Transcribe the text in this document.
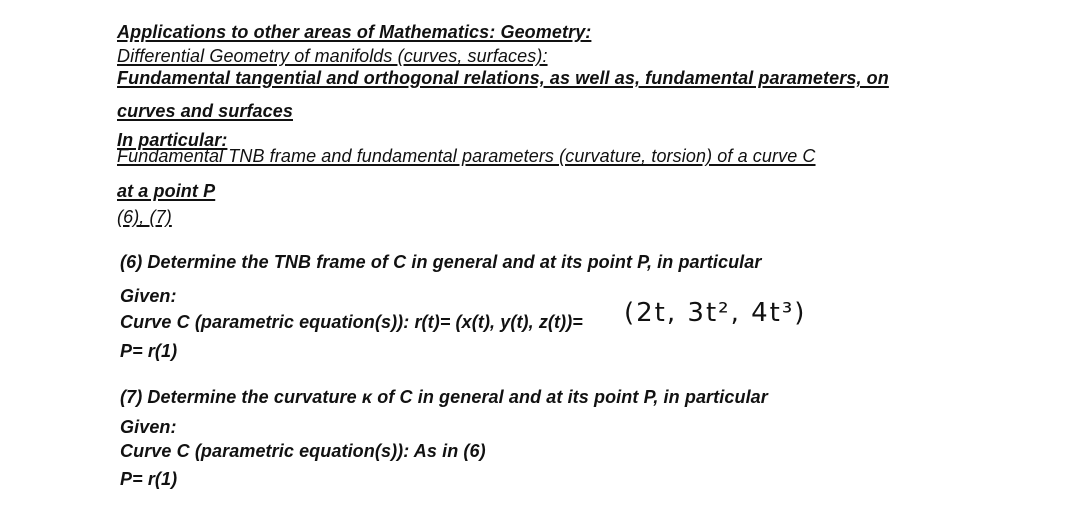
Applications to other areas of Mathematics: Geometry:
Differential Geometry of manifolds (curves, surfaces):
Fundamental tangential and orthogonal relations, as well as, fundamental parameters, on
curves and surfaces
In particular:
Fundamental TNB frame and fundamental parameters (curvature, torsion) of a curve C
at a point P
(6), (7)
(6) Determine the TNB frame of C in general and at its point P, in particular
Given:
Curve C (parametric equation(s)): r(t)= (x(t), y(t), z(t))= (2t, 3t², 4t³)
P= r(1)
(7) Determine the curvature κ of C in general and at its point P, in particular
Given:
Curve C (parametric equation(s)): As in (6)
P= r(1)
